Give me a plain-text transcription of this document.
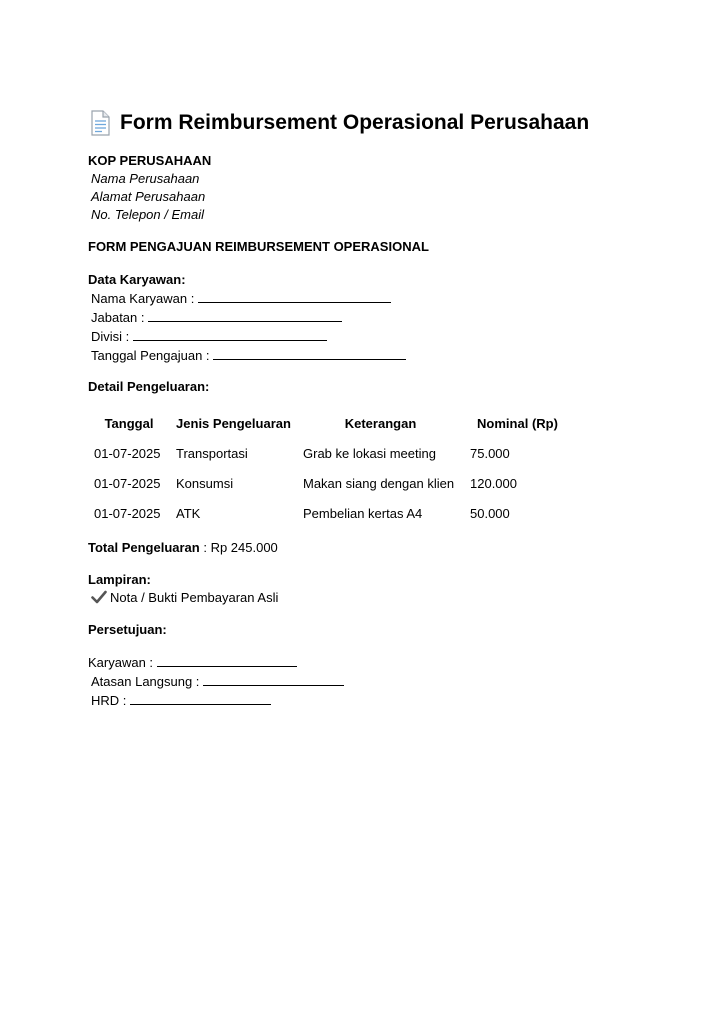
Form Reimbursement Operasional Perusahaan
KOP PERUSAHAAN
Nama Perusahaan
Alamat Perusahaan
No. Telepon / Email
FORM PENGAJUAN REIMBURSEMENT OPERASIONAL
Data Karyawan:
Nama Karyawan :
Jabatan :
Divisi :
Tanggal Pengajuan :
Detail Pengeluaran:
Tanggal	Jenis Pengeluaran	Keterangan	Nominal (Rp)
01-07-2025	Transportasi	Grab ke lokasi meeting	75.000
01-07-2025	Konsumsi	Makan siang dengan klien	120.000
01-07-2025	ATK	Pembelian kertas A4	50.000
Total Pengeluaran : Rp 245.000
Lampiran:
Nota / Bukti Pembayaran Asli
Persetujuan:
Karyawan :
Atasan Langsung :
HRD :
